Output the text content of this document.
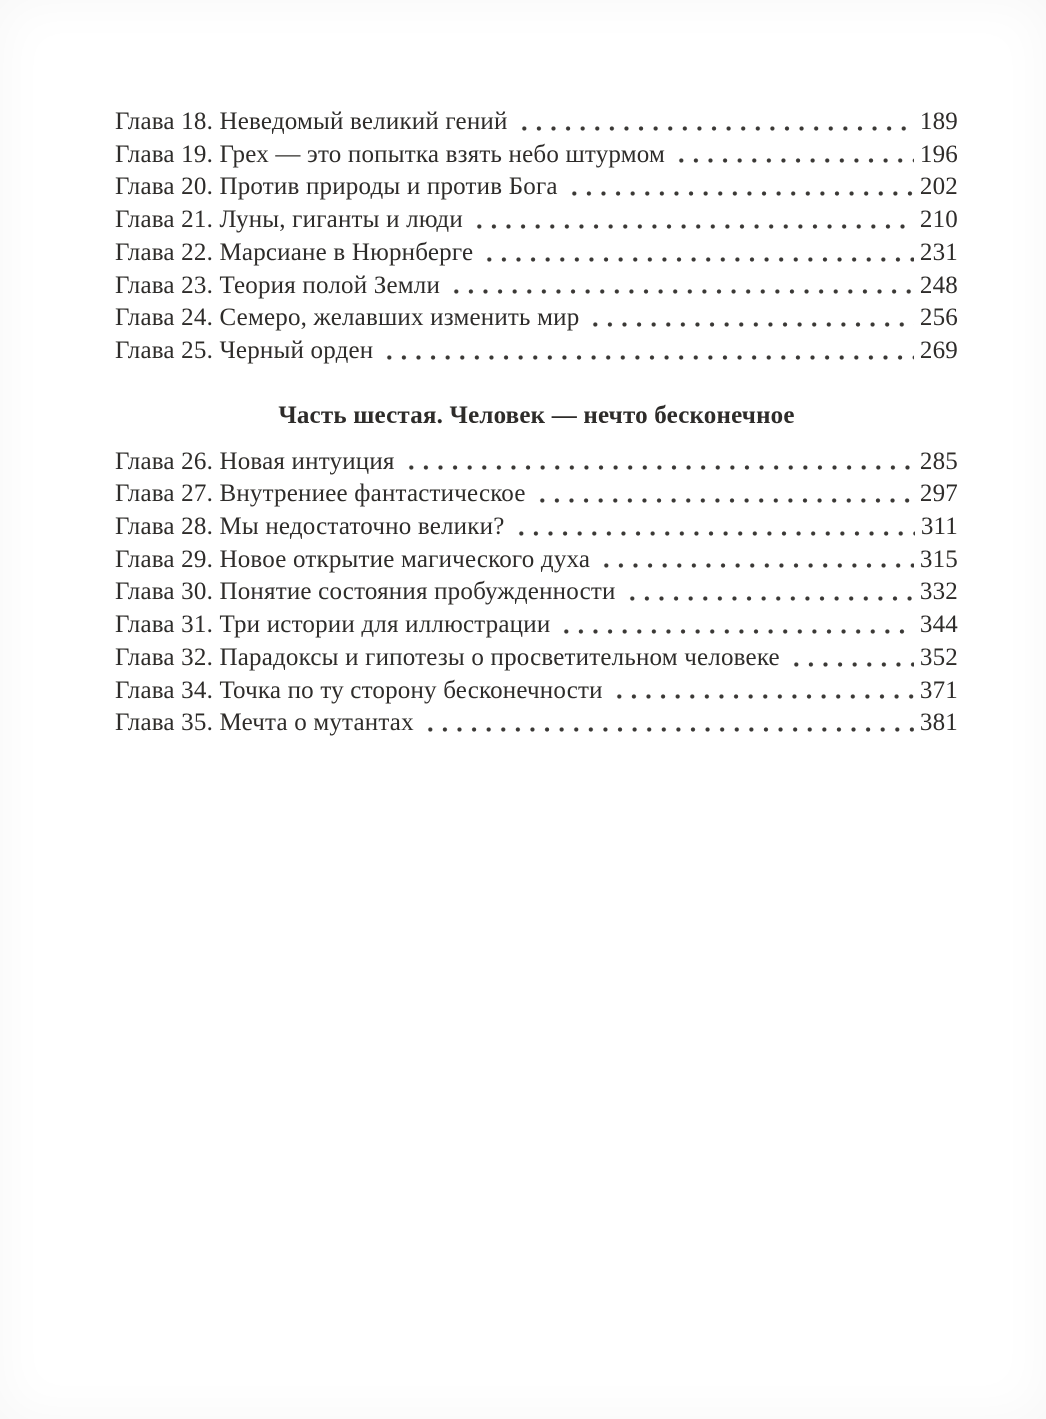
Глава 18. Неведомый великий гений	189
Глава 19. Грех — это попытка взять небо штурмом	196
Глава 20. Против природы и против Бога	202
Глава 21. Луны, гиганты и люди	210
Глава 22. Марсиане в Нюрнберге	231
Глава 23. Теория полой Земли	248
Глава 24. Семеро, желавших изменить мир	256
Глава 25. Черный орден	269
Часть шестая. Человек — нечто бесконечное
Глава 26. Новая интуиция	285
Глава 27. Внутрениее фантастическое	297
Глава 28. Мы недостаточно велики?	311
Глава 29. Новое открытие магического духа	315
Глава 30. Понятие состояния пробужденности	332
Глава 31. Три истории для иллюстрации	344
Глава 32. Парадоксы и гипотезы о просветительном человеке	352
Глава 34. Точка по ту сторону бесконечности	371
Глава 35. Мечта о мутантах	381
